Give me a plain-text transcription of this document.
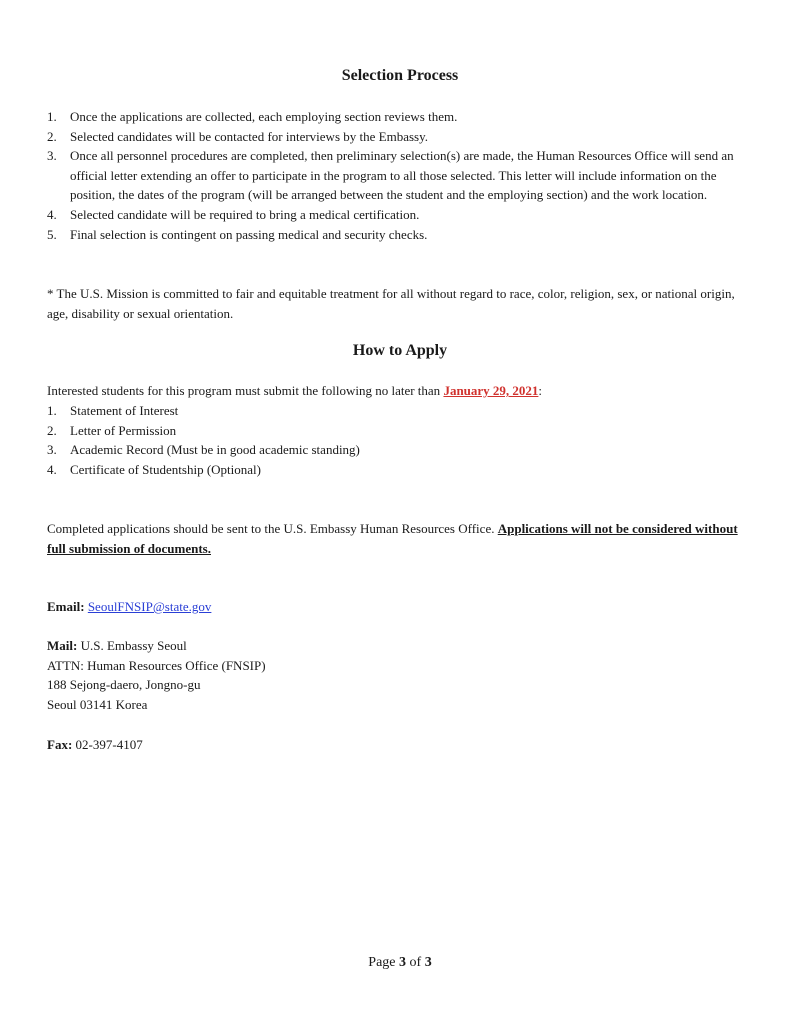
Selection Process
1. Once the applications are collected, each employing section reviews them.
2. Selected candidates will be contacted for interviews by the Embassy.
3. Once all personnel procedures are completed, then preliminary selection(s) are made, the Human Resources Office will send an official letter extending an offer to participate in the program to all those selected. This letter will include information on the position, the dates of the program (will be arranged between the student and the employing section) and the work location.
4. Selected candidate will be required to bring a medical certification.
5. Final selection is contingent on passing medical and security checks.

* The U.S. Mission is committed to fair and equitable treatment for all without regard to race, color, religion, sex, or national origin, age, disability or sexual orientation.

How to Apply

Interested students for this program must submit the following no later than January 29, 2021:

1. Statement of Interest
2. Letter of Permission
3. Academic Record (Must be in good academic standing)
4. Certificate of Studentship (Optional)

Completed applications should be sent to the U.S. Embassy Human Resources Office. Applications will not be considered without full submission of documents.

Email: SeoulFNSIP@state.gov

Mail: U.S. Embassy Seoul
ATTN: Human Resources Office (FNSIP)
188 Sejong-daero, Jongno-gu
Seoul 03141 Korea

Fax: 02-397-4107

Page 3 of 3
